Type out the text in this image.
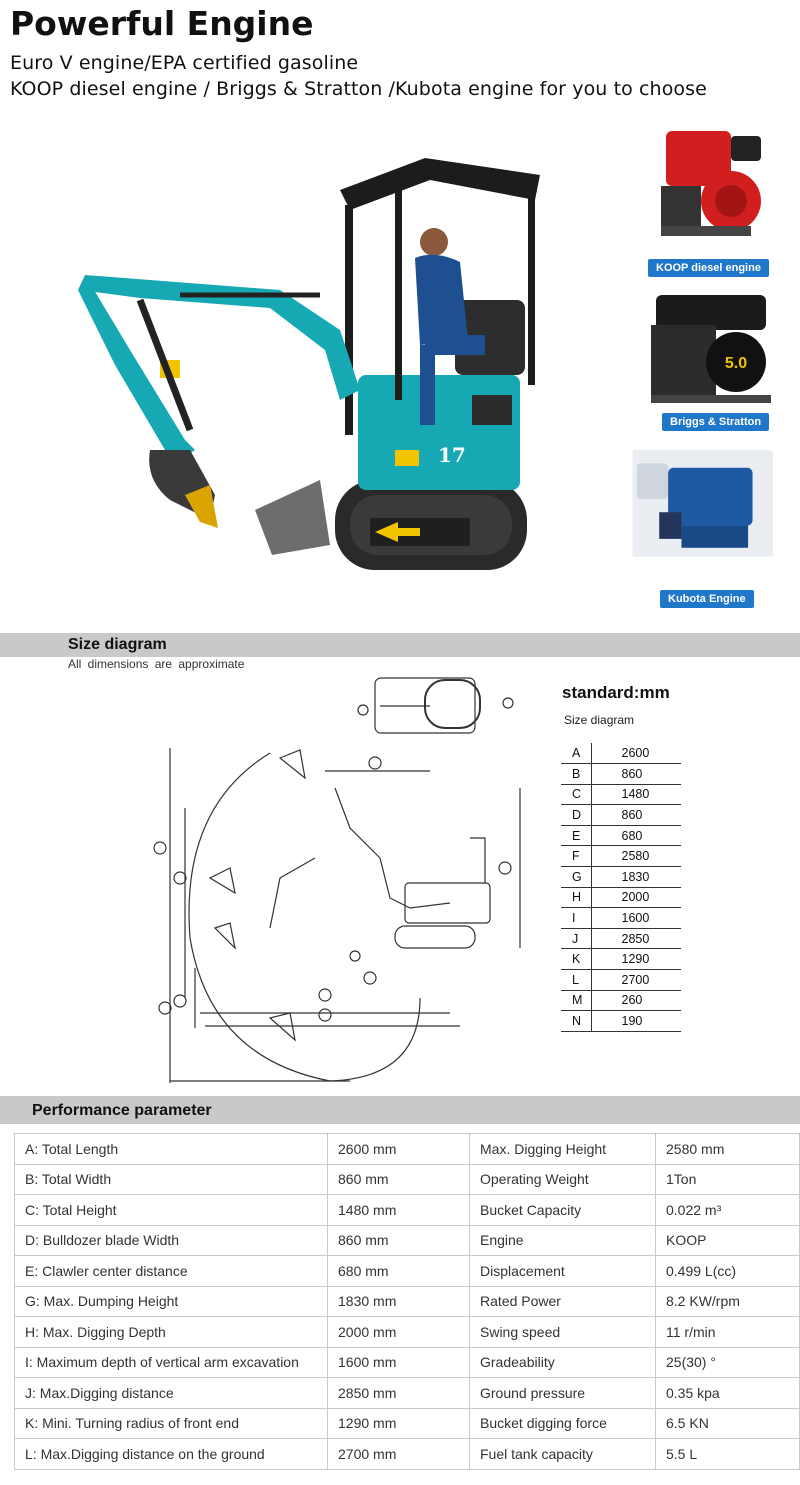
Powerful Engine
Euro V engine/EPA certified gasoline
KOOP diesel engine / Briggs & Stratton /Kubota engine for you to choose
17
KOOP diesel engine
5.0
Briggs & Stratton
Kubota Engine
Size diagram
All dimensions are approximate
standard:mm
Size diagram
A	2600
B	860
C	1480
D	860
E	680
F	2580
G	1830
H	2000
I	1600
J	2850
K	1290
L	2700
M	260
N	190
Performance parameter
A: Total Length	2600 mm	Max. Digging Height	2580 mm
B: Total Width	860 mm	Operating Weight	1Ton
C: Total Height	1480 mm	Bucket Capacity	0.022 m³
D: Bulldozer blade Width	860 mm	Engine	KOOP
E: Clawler center distance	680 mm	Displacement	0.499 L(cc)
G: Max. Dumping Height	1830 mm	Rated Power	8.2 KW/rpm
H: Max. Digging Depth	2000 mm	Swing speed	11 r/min
I: Maximum depth of vertical arm excavation	1600 mm	Gradeability	25(30) °
J: Max.Digging distance	2850 mm	Ground pressure	0.35 kpa
K: Mini. Turning radius of front end	1290 mm	Bucket digging force	6.5 KN
L: Max.Digging distance on the ground	2700 mm	Fuel tank capacity	5.5 L
